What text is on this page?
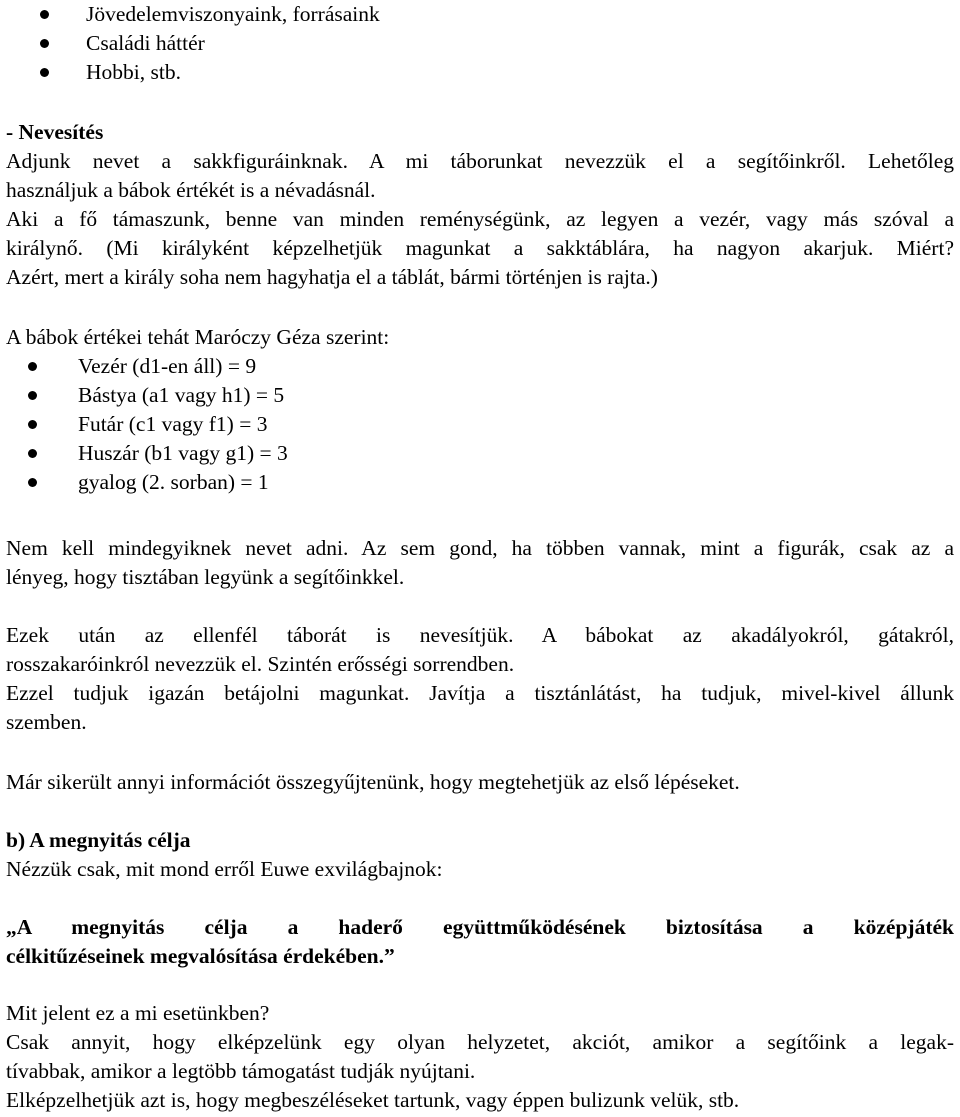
Jövedelemviszonyaink, forrásaink
Családi háttér
Hobbi, stb.
- Nevesítés
Adjunk nevet a sakkfiguráinknak. A mi táborunkat nevezzük el a segítőinkről. Lehetőleg
használjuk a bábok értékét is a névadásnál.
Aki a fő támaszunk, benne van minden reménységünk, az legyen a vezér, vagy más szóval a
királynő. (Mi királyként képzelhetjük magunkat a sakktáblára, ha nagyon akarjuk. Miért?
Azért, mert a király soha nem hagyhatja el a táblát, bármi történjen is rajta.)
A bábok értékei tehát Maróczy Géza szerint:
Vezér (d1-en áll) = 9
Bástya (a1 vagy h1) = 5
Futár (c1 vagy f1) = 3
Huszár (b1 vagy g1) = 3
gyalog (2. sorban) = 1
Nem kell mindegyiknek nevet adni. Az sem gond, ha többen vannak, mint a figurák, csak az a
lényeg, hogy tisztában legyünk a segítőinkkel.
Ezek után az ellenfél táborát is nevesítjük. A bábokat az akadályokról, gátakról,
rosszakaróinkról nevezzük el. Szintén erősségi sorrendben.
Ezzel tudjuk igazán betájolni magunkat. Javítja a tisztánlátást, ha tudjuk, mivel-kivel állunk
szemben.
Már sikerült annyi információt összegyűjtenünk, hogy megtehetjük az első lépéseket.
b) A megnyitás célja
Nézzük csak, mit mond erről Euwe exvilágbajnok:
„A megnyitás célja a haderő együttműködésének biztosítása a középjáték
célkitűzéseinek megvalósítása érdekében.”
Mit jelent ez a mi esetünkben?
Csak annyit, hogy elképzelünk egy olyan helyzetet, akciót, amikor a segítőink a legak-
tívabbak, amikor a legtöbb támogatást tudják nyújtani.
Elképzelhetjük azt is, hogy megbeszéléseket tartunk, vagy éppen bulizunk velük, stb.
